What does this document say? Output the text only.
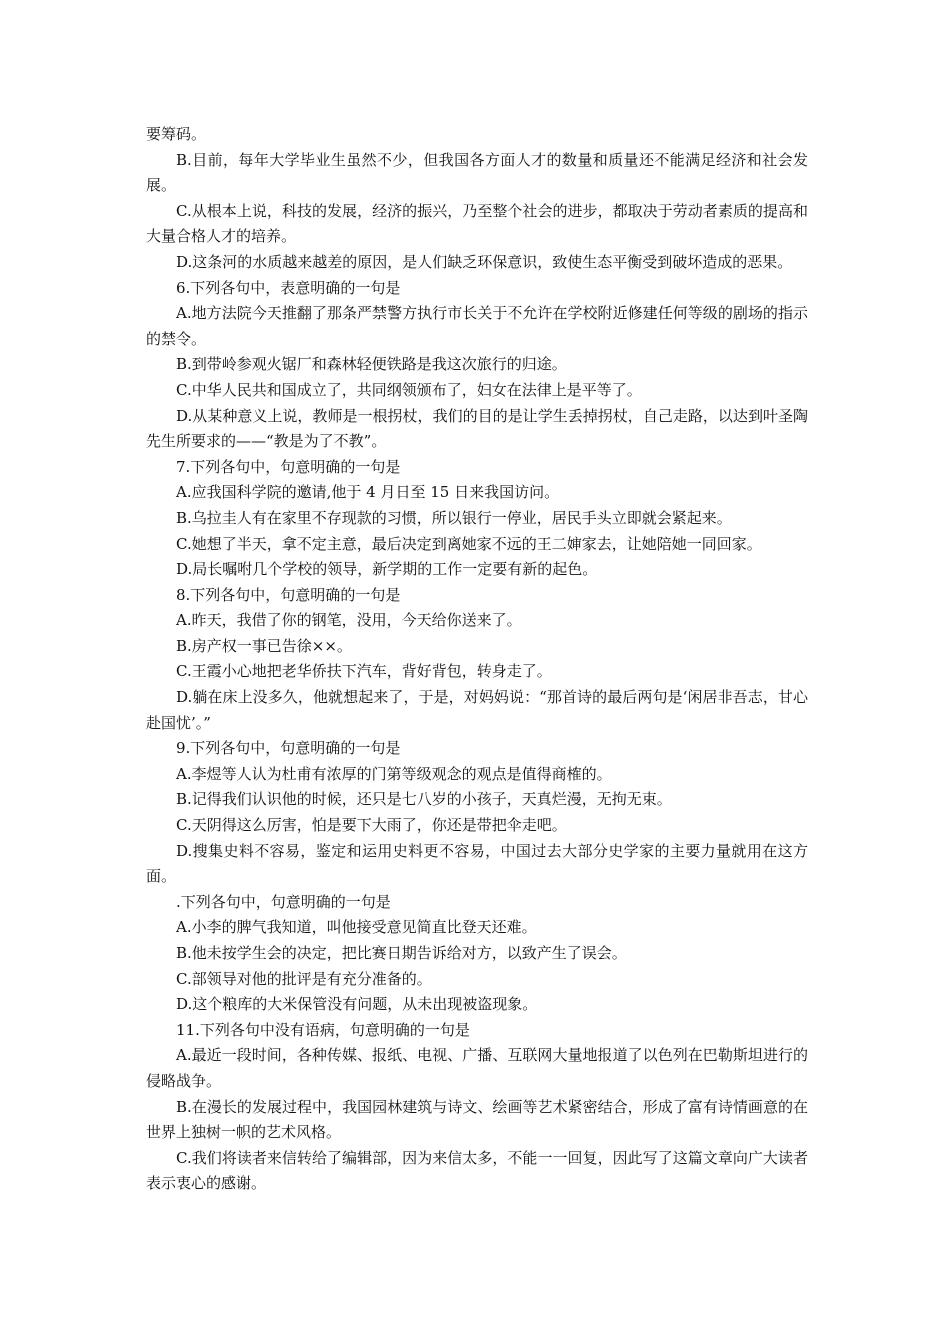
要筹码。

B.目前，每年大学毕业生虽然不少，但我国各方面人才的数量和质量还不能满足经济和社会发展。

C.从根本上说，科技的发展，经济的振兴，乃至整个社会的进步，都取决于劳动者素质的提高和大量合格人才的培养。

D.这条河的水质越来越差的原因，是人们缺乏环保意识，致使生态平衡受到破坏造成的恶果。

6.下列各句中，表意明确的一句是

A.地方法院今天推翻了那条严禁警方执行市长关于不允许在学校附近修建任何等级的剧场的指示的禁令。

B.到带岭参观火锯厂和森林轻便铁路是我这次旅行的归途。

C.中华人民共和国成立了，共同纲领颁布了，妇女在法律上是平等了。

D.从某种意义上说，教师是一根拐杖，我们的目的是让学生丢掉拐杖，自己走路，以达到叶圣陶先生所要求的——“教是为了不教”。

7.下列各句中，句意明确的一句是

A.应我国科学院的邀请,他于 4 月日至 15 日来我国访问。

B.乌拉圭人有在家里不存现款的习惯，所以银行一停业，居民手头立即就会紧起来。

C.她想了半天，拿不定主意，最后决定到离她家不远的王二婶家去，让她陪她一同回家。

D.局长嘱咐几个学校的领导，新学期的工作一定要有新的起色。

8.下列各句中，句意明确的一句是

A.昨天，我借了你的钢笔，没用，今天给你送来了。

B.房产权一事已告徐××。

C.王霞小心地把老华侨扶下汽车，背好背包，转身走了。

D.躺在床上没多久，他就想起来了，于是，对妈妈说：“那首诗的最后两句是‘闲居非吾志，甘心赴国忧’。”

9.下列各句中，句意明确的一句是

A.李煜等人认为杜甫有浓厚的门第等级观念的观点是值得商榷的。

B.记得我们认识他的时候，还只是七八岁的小孩子，天真烂漫，无拘无束。

C.天阴得这么厉害，怕是要下大雨了，你还是带把伞走吧。

D.搜集史料不容易，鉴定和运用史料更不容易，中国过去大部分史学家的主要力量就用在这方面。

.下列各句中，句意明确的一句是

A.小李的脾气我知道，叫他接受意见简直比登天还难。

B.他未按学生会的决定，把比赛日期告诉给对方，以致产生了误会。

C.部领导对他的批评是有充分准备的。

D.这个粮库的大米保管没有问题，从未出现被盗现象。

11.下列各句中没有语病，句意明确的一句是

A.最近一段时间，各种传媒、报纸、电视、广播、互联网大量地报道了以色列在巴勒斯坦进行的侵略战争。

B.在漫长的发展过程中，我国园林建筑与诗文、绘画等艺术紧密结合，形成了富有诗情画意的在世界上独树一帜的艺术风格。

C.我们将读者来信转给了编辑部，因为来信太多，不能一一回复，因此写了这篇文章向广大读者表示衷心的感谢。
